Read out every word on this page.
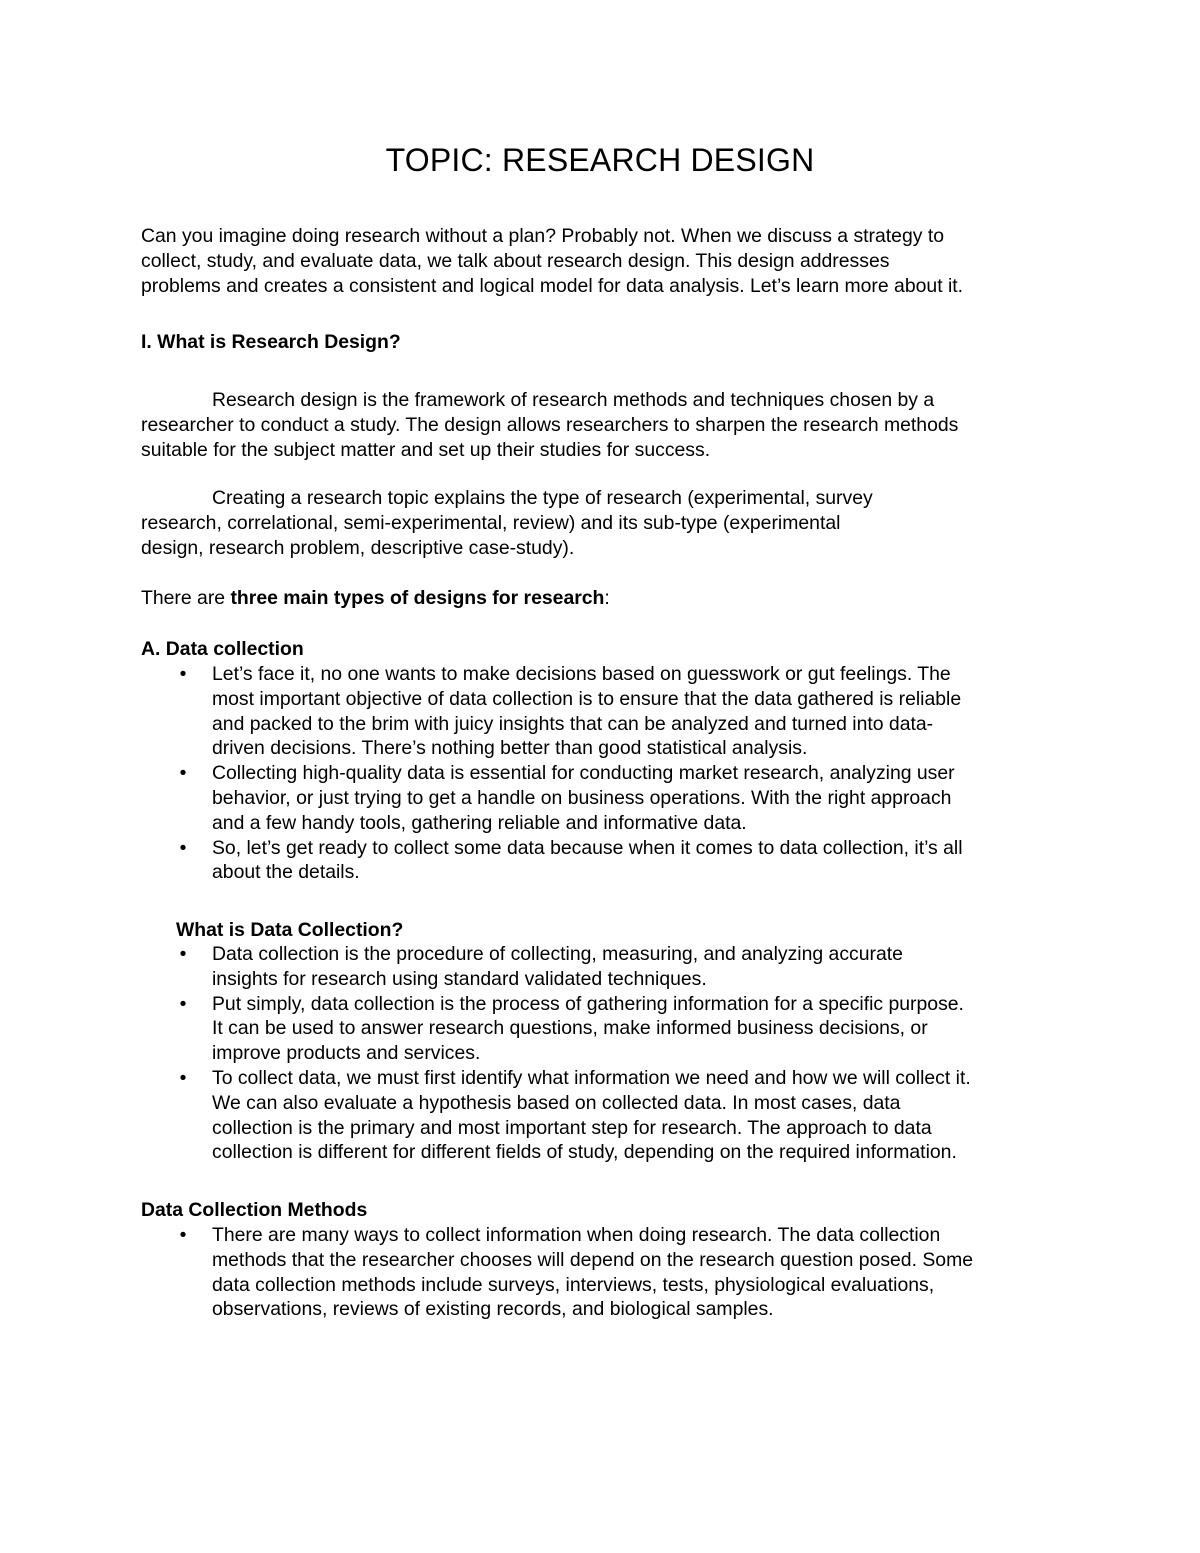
TOPIC: RESEARCH DESIGN
Can you imagine doing research without a plan? Probably not. When we discuss a strategy to
collect, study, and evaluate data, we talk about research design. This design addresses
problems and creates a consistent and logical model for data analysis. Let’s learn more about it.
I. What is Research Design?
Research design is the framework of research methods and techniques chosen by a
researcher to conduct a study. The design allows researchers to sharpen the research methods
suitable for the subject matter and set up their studies for success.
Creating a research topic explains the type of research (experimental, survey
research, correlational, semi-experimental, review) and its sub-type (experimental
design, research problem, descriptive case-study).
There are three main types of designs for research:
A. Data collection
• Let’s face it, no one wants to make decisions based on guesswork or gut feelings. The
most important objective of data collection is to ensure that the data gathered is reliable
and packed to the brim with juicy insights that can be analyzed and turned into data-
driven decisions. There’s nothing better than good statistical analysis.
• Collecting high-quality data is essential for conducting market research, analyzing user
behavior, or just trying to get a handle on business operations. With the right approach
and a few handy tools, gathering reliable and informative data.
• So, let’s get ready to collect some data because when it comes to data collection, it’s all
about the details.
What is Data Collection?
• Data collection is the procedure of collecting, measuring, and analyzing accurate
insights for research using standard validated techniques.
• Put simply, data collection is the process of gathering information for a specific purpose.
It can be used to answer research questions, make informed business decisions, or
improve products and services.
• To collect data, we must first identify what information we need and how we will collect it.
We can also evaluate a hypothesis based on collected data. In most cases, data
collection is the primary and most important step for research. The approach to data
collection is different for different fields of study, depending on the required information.
Data Collection Methods
• There are many ways to collect information when doing research. The data collection
methods that the researcher chooses will depend on the research question posed. Some
data collection methods include surveys, interviews, tests, physiological evaluations,
observations, reviews of existing records, and biological samples.
